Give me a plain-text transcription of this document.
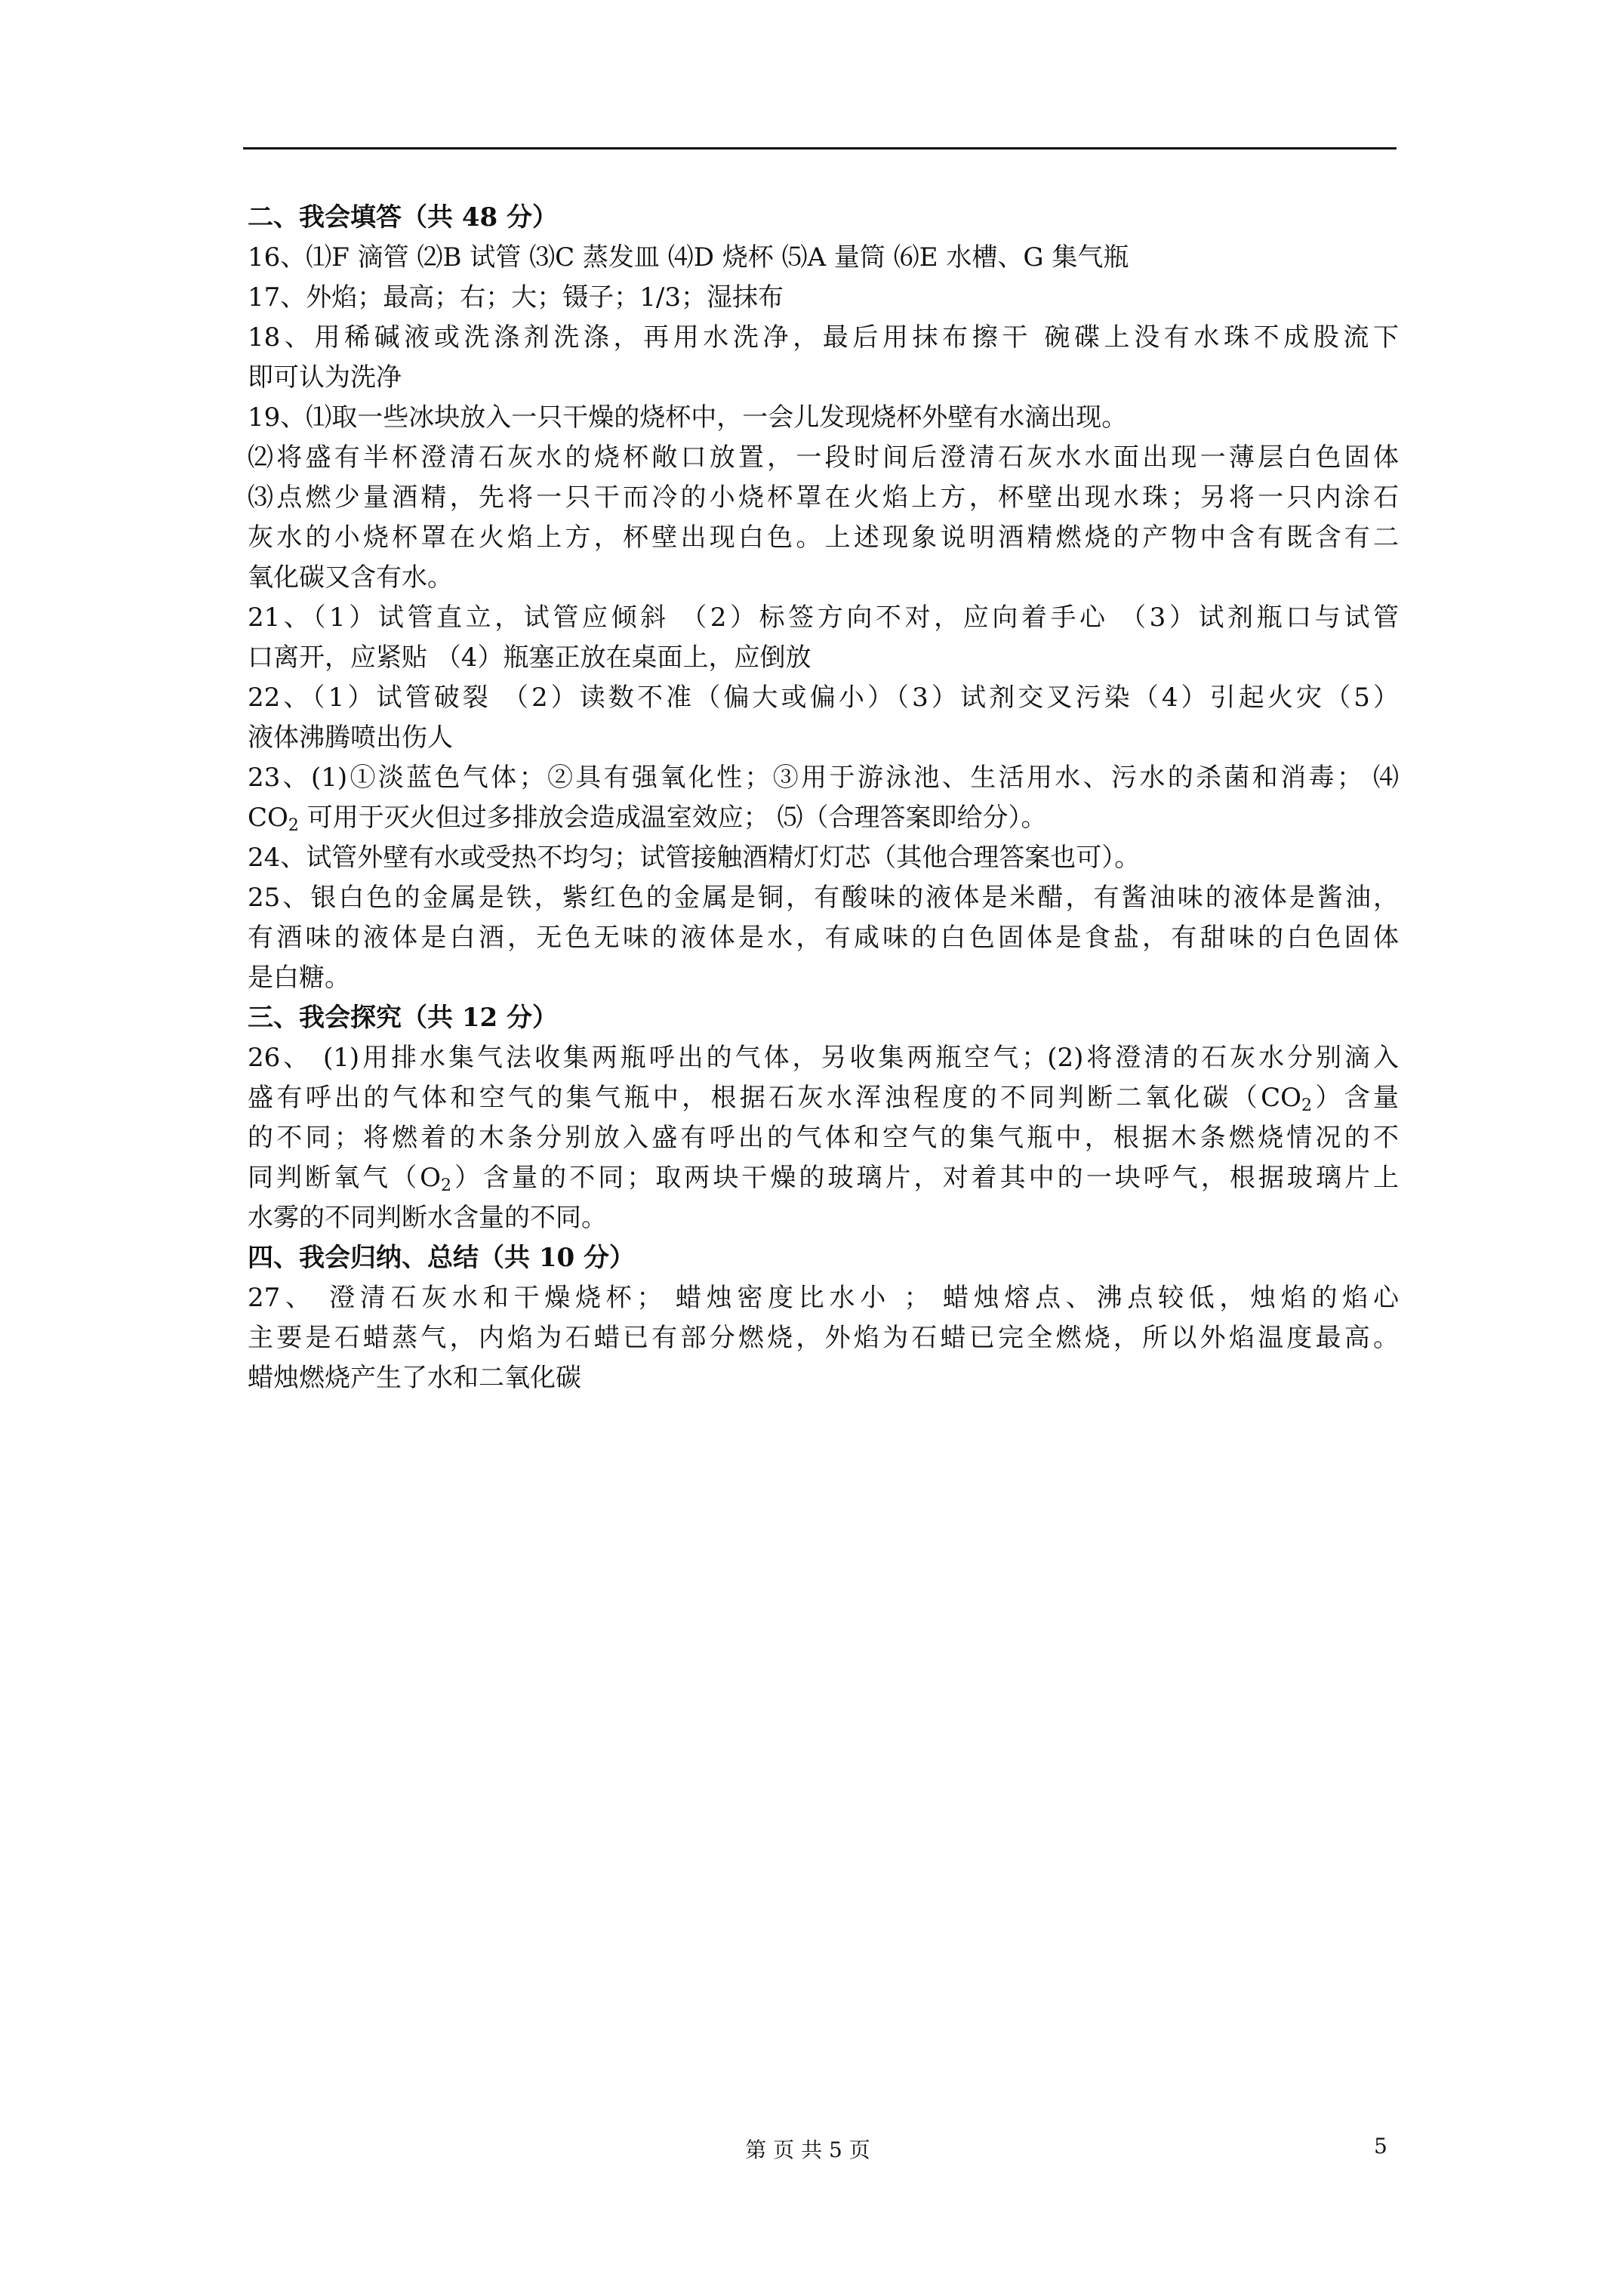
二、我会填答（共 48 分）
16、⑴F 滴管 ⑵B 试管 ⑶C 蒸发皿 ⑷D 烧杯 ⑸A 量筒 ⑹E 水槽、G 集气瓶
17、外焰；最高；右；大；镊子；1/3；湿抹布
18、用稀碱液或洗涤剂洗涤，再用水洗净，最后用抹布擦干 碗碟上没有水珠不成股流下
即可认为洗净
19、⑴取一些冰块放入一只干燥的烧杯中，一会儿发现烧杯外壁有水滴出现。
⑵将盛有半杯澄清石灰水的烧杯敞口放置，一段时间后澄清石灰水水面出现一薄层白色固体
⑶点燃少量酒精，先将一只干而冷的小烧杯罩在火焰上方，杯壁出现水珠；另将一只内涂石
灰水的小烧杯罩在火焰上方，杯壁出现白色。上述现象说明酒精燃烧的产物中含有既含有二
氧化碳又含有水。
21、（1）试管直立，试管应倾斜 （2）标签方向不对，应向着手心 （3）试剂瓶口与试管
口离开，应紧贴 （4）瓶塞正放在桌面上，应倒放
22、（1）试管破裂 （2）读数不准（偏大或偏小）（3）试剂交叉污染（4）引起火灾（5）
液体沸腾喷出伤人
23、(1)①淡蓝色气体；②具有强氧化性；③用于游泳池、生活用水、污水的杀菌和消毒； ⑷
$CO_2$ 可用于灭火但过多排放会造成温室效应； ⑸（合理答案即给分）。
24、试管外壁有水或受热不均匀；试管接触酒精灯灯芯（其他合理答案也可）。
25、银白色的金属是铁，紫红色的金属是铜，有酸味的液体是米醋，有酱油味的液体是酱油，
有酒味的液体是白酒，无色无味的液体是水，有咸味的白色固体是食盐，有甜味的白色固体
是白糖。
三、我会探究（共 12 分）
26、 (1)用排水集气法收集两瓶呼出的气体，另收集两瓶空气；(2)将澄清的石灰水分别滴入
盛有呼出的气体和空气的集气瓶中，根据石灰水浑浊程度的不同判断二氧化碳$(CO_2)$含量
的不同；将燃着的木条分别放入盛有呼出的气体和空气的集气瓶中，根据木条燃烧情况的不
同判断氧气$(O_2)$含量的不同；取两块干燥的玻璃片，对着其中的一块呼气，根据玻璃片上
水雾的不同判断水含量的不同。
四、我会归纳、总结（共 10 分）
27、 澄清石灰水和干燥烧杯； 蜡烛密度比水小 ； 蜡烛熔点、沸点较低，烛焰的焰心
主要是石蜡蒸气，内焰为石蜡已有部分燃烧，外焰为石蜡已完全燃烧，所以外焰温度最高。
蜡烛燃烧产生了水和二氧化碳
第 页 共 5 页	5
